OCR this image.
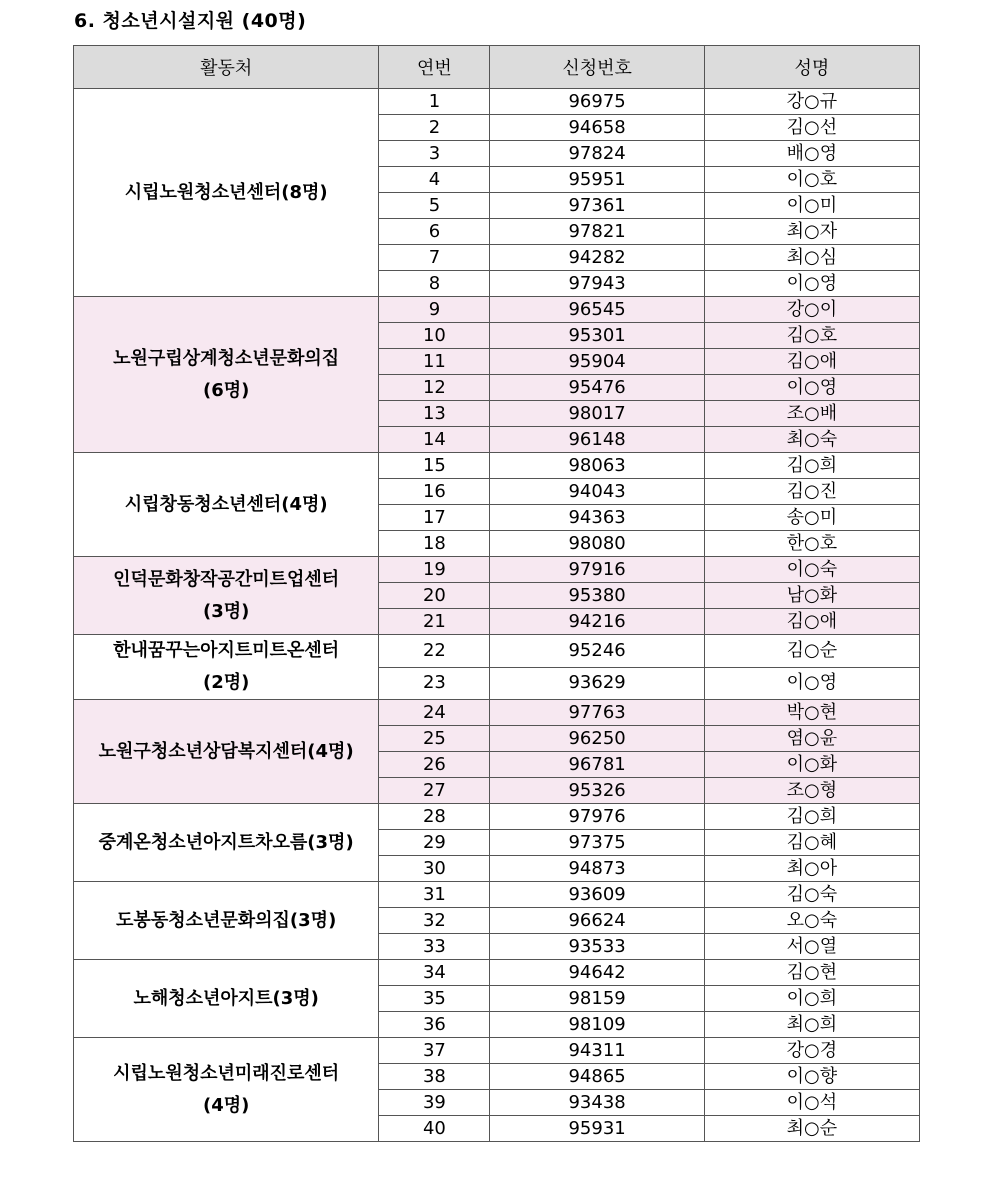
6. 청소년시설지원 (40명)
활동처	연번	신청번호	성명

시립노원청소년센터(8명)	1	96975	강○규
	2	94658	김○선
	3	97824	배○영
	4	95951	이○호
	5	97361	이○미
	6	97821	최○자
	7	94282	최○심
	8	97943	이○영

노원구립상계청소년문화의집
(6명)	9	96545	강○이
	10	95301	김○호
	11	95904	김○애
	12	95476	이○영
	13	98017	조○배
	14	96148	최○숙

시립창동청소년센터(4명)	15	98063	김○희
	16	94043	김○진
	17	94363	송○미
	18	98080	한○호

인덕문화창작공간미트업센터
(3명)	19	97916	이○숙
	20	95380	남○화
	21	94216	김○애

한내꿈꾸는아지트미트온센터
(2명)	22	95246	김○순
	23	93629	이○영

노원구청소년상담복지센터(4명)	24	97763	박○현
	25	96250	염○윤
	26	96781	이○화
	27	95326	조○형

중계온청소년아지트차오름(3명)	28	97976	김○희
	29	97375	김○혜
	30	94873	최○아

도봉동청소년문화의집(3명)	31	93609	김○숙
	32	96624	오○숙
	33	93533	서○열

노해청소년아지트(3명)	34	94642	김○현
	35	98159	이○희
	36	98109	최○희

시립노원청소년미래진로센터
(4명)	37	94311	강○경
	38	94865	이○향
	39	93438	이○석
	40	95931	최○순
